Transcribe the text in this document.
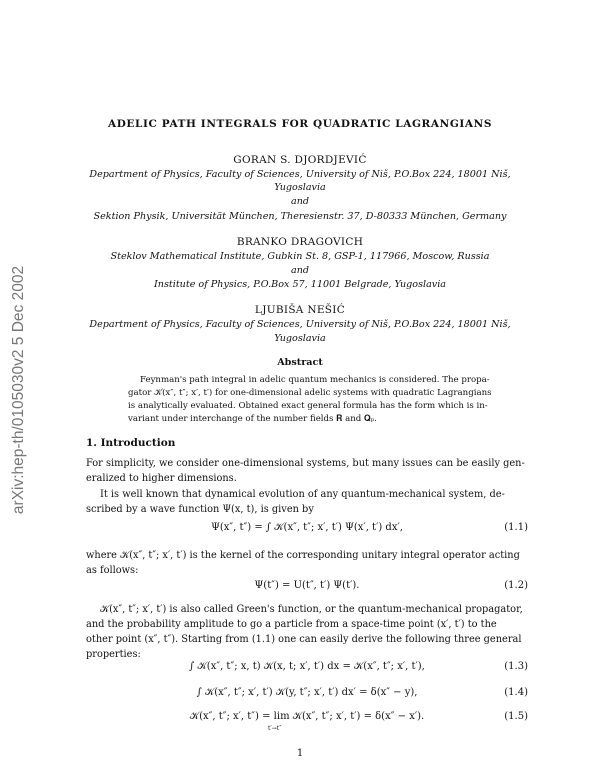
arXiv:hep-th/0105030v2 5 Dec 2002
ADELIC PATH INTEGRALS FOR QUADRATIC LAGRANGIANS
GORAN S. DJORDJEVIĆ
Department of Physics, Faculty of Sciences, University of Niš, P.O.Box 224, 18001 Niš,
Yugoslavia
and
Sektion Physik, Universität München, Theresienstr. 37, D-80333 München, Germany
BRANKO DRAGOVICH
Steklov Mathematical Institute, Gubkin St. 8, GSP-1, 117966, Moscow, Russia
and
Institute of Physics, P.O.Box 57, 11001 Belgrade, Yugoslavia
LJUBIŠA NEŠIĆ
Department of Physics, Faculty of Sciences, University of Niš, P.O.Box 224, 18001 Niš,
Yugoslavia
Abstract
Feynman's path integral in adelic quantum mechanics is considered. The propa-
gator 𝒦(x″, t″; x′, t′) for one-dimensional adelic systems with quadratic Lagrangians
is analytically evaluated. Obtained exact general formula has the form which is in-
variant under interchange of the number fields 𝐑 and 𝐐ₚ.
1. Introduction
For simplicity, we consider one-dimensional systems, but many issues can be easily gen-
eralized to higher dimensions.
It is well known that dynamical evolution of any quantum-mechanical system, de-
scribed by a wave function Ψ(x, t), is given by
Ψ(x″, t″) = ∫ 𝒦(x″, t″; x′, t′) Ψ(x′, t′) dx′,	(1.1)
where 𝒦(x″, t″; x′, t′) is the kernel of the corresponding unitary integral operator acting
as follows:
Ψ(t″) = U(t″, t′) Ψ(t′).	(1.2)
𝒦(x″, t″; x′, t′) is also called Green's function, or the quantum-mechanical propagator,
and the probability amplitude to go a particle from a space-time point (x′, t′) to the
other point (x″, t″). Starting from (1.1) one can easily derive the following three general
properties:
∫ 𝒦(x″, t″; x, t) 𝒦(x, t; x′, t′) dx = 𝒦(x″, t″; x′, t′),	(1.3)
∫ 𝒦(x″, t″; x′, t′) 𝒦(y, t″; x′, t′) dx′ = δ(x″ − y),	(1.4)
𝒦(x″, t″; x′, t″) = lim 𝒦(x″, t″; x′, t′) = δ(x″ − x′).	(1.5)
t′→t″
1
